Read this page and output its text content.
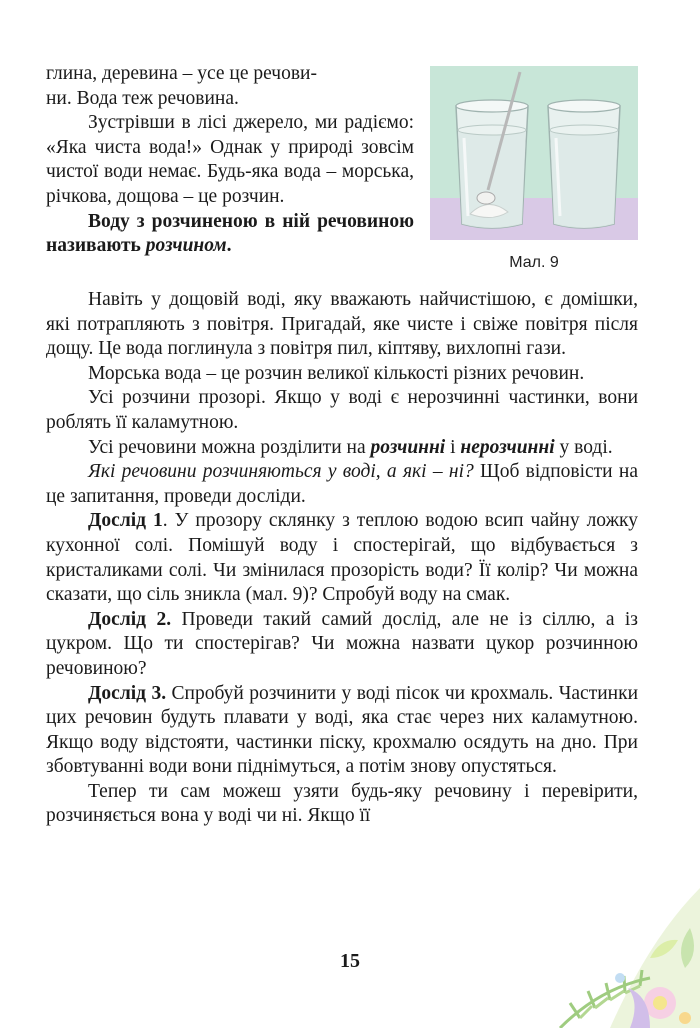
глина, деревина – усе це речови-
ни. Вода теж речовина.

Зустрівши в лісі джерело, ми радіємо: «Яка чиста вода!» Однак у природі зовсім чистої води немає. Будь-яка вода – морська, річкова, дощова – це розчин.

Воду з розчиненою в ній речовиною називають розчином.

Мал. 9

Навіть у дощовій воді, яку вважають найчистішою, є домішки, які потрапляють з повітря. Пригадай, яке чисте і свіже повітря після дощу. Це вода поглинула з повітря пил, кіптяву, вихлопні гази.

Морська вода – це розчин великої кількості різних речовин.

Усі розчини прозорі. Якщо у воді є нерозчинні частинки, вони роблять її каламутною.

Усі речовини можна розділити на розчинні і нерозчинні у воді.

Які речовини розчиняються у воді, а які – ні? Щоб відповісти на це запитання, проведи досліди.

Дослід 1. У прозору склянку з теплою водою всип чайну ложку кухонної солі. Помішуй воду і спостерігай, що відбувається з кристаликами солі. Чи змінилася прозорість води? Її колір? Чи можна сказати, що сіль зникла (мал. 9)? Спробуй воду на смак.

Дослід 2. Проведи такий самий дослід, але не із сіллю, а із цукром. Що ти спостерігав? Чи можна назвати цукор розчинною речовиною?

Дослід 3. Спробуй розчинити у воді пісок чи крохмаль. Частинки цих речовин будуть плавати у воді, яка стає через них каламутною. Якщо воду відстояти, частинки піску, крохмалю осядуть на дно. При збовтуванні води вони піднімуться, а потім знову опустяться.

Тепер ти сам можеш узяти будь-яку речовину і перевірити, розчиняється вона у воді чи ні. Якщо її

15
